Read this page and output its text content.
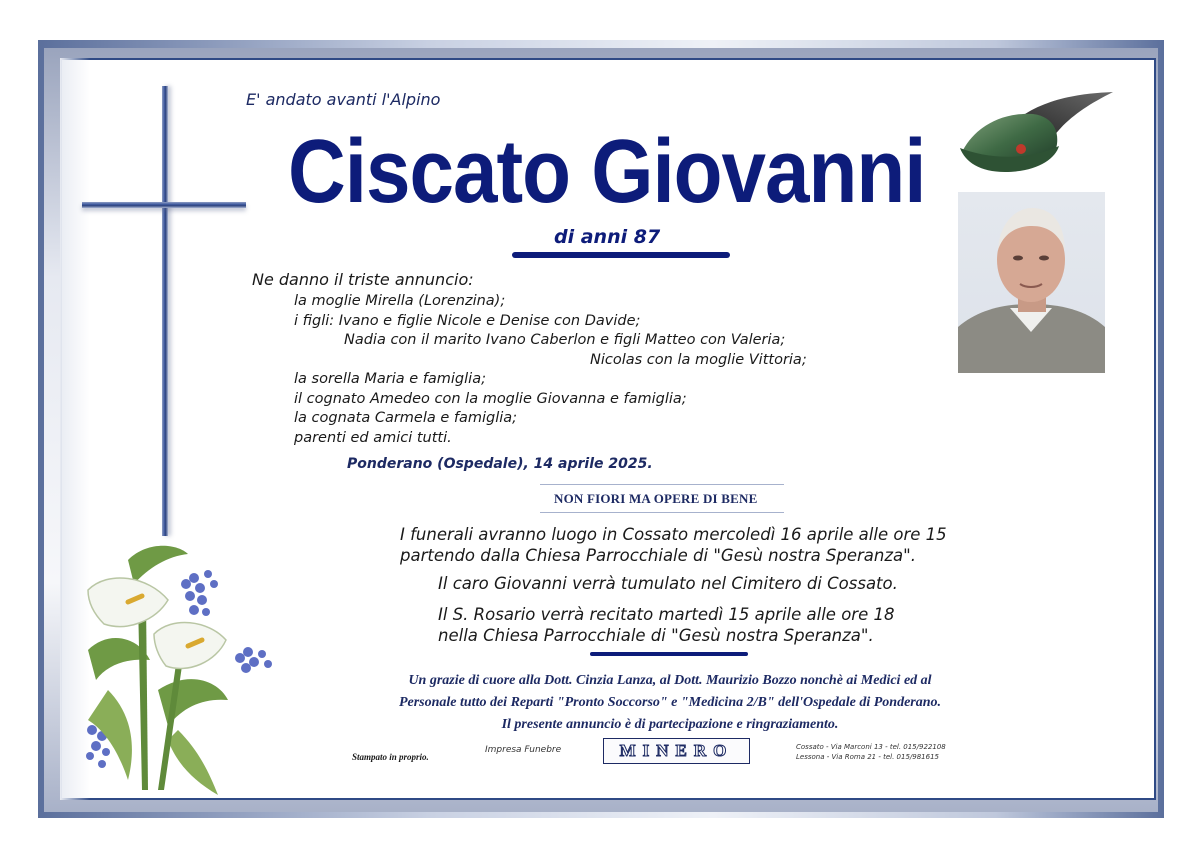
E' andato avanti l'Alpino
Ciscato Giovanni
di anni 87
Ne danno il triste annuncio:
la moglie Mirella (Lorenzina);
i figli: Ivano e figlie Nicole e Denise con Davide;
Nadia con il marito Ivano Caberlon e figli Matteo con Valeria;
Nicolas con la moglie Vittoria;
la sorella Maria e famiglia;
il cognato Amedeo con la moglie Giovanna e famiglia;
la cognata Carmela e famiglia;
parenti ed amici tutti.
Ponderano (Ospedale), 14 aprile 2025.
NON FIORI MA OPERE DI BENE
I funerali avranno luogo in Cossato mercoledì 16 aprile alle ore 15
partendo dalla Chiesa Parrocchiale di "Gesù nostra Speranza".
Il caro Giovanni verrà tumulato nel Cimitero di Cossato.
Il S. Rosario verrà recitato martedì 15 aprile alle ore 18
nella Chiesa Parrocchiale di "Gesù nostra Speranza".
Un grazie di cuore alla Dott. Cinzia Lanza, al Dott. Maurizio Bozzo nonchè ai Medici ed al
Personale tutto dei Reparti "Pronto Soccorso" e "Medicina 2/B" dell'Ospedale di Ponderano.
Il presente annuncio è di partecipazione e ringraziamento.
Stampato in proprio.
Impresa Funebre	MINERO	Cossato - Via Marconi 13 - tel. 015/922108
Lessona - Via Roma 21 - tel. 015/981615
